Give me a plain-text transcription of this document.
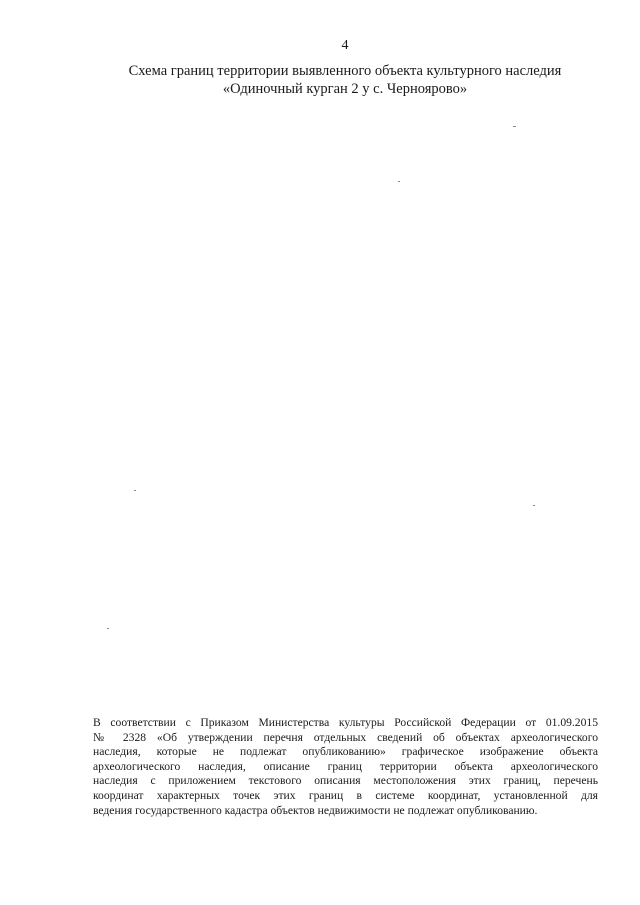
4
Схема границ территории выявленного объекта культурного наследия
«Одиночный курган 2 у с. Черноярово»
В соответствии с Приказом Министерства культуры Российской Федерации от 01.09.2015
№ 2328 «Об утверждении перечня отдельных сведений об объектах археологического
наследия, которые не подлежат опубликованию» графическое изображение объекта
археологического наследия, описание границ территории объекта археологического
наследия с приложением текстового описания местоположения этих границ, перечень
координат характерных точек этих границ в системе координат, установленной для
ведения государственного кадастра объектов недвижимости не подлежат опубликованию.
